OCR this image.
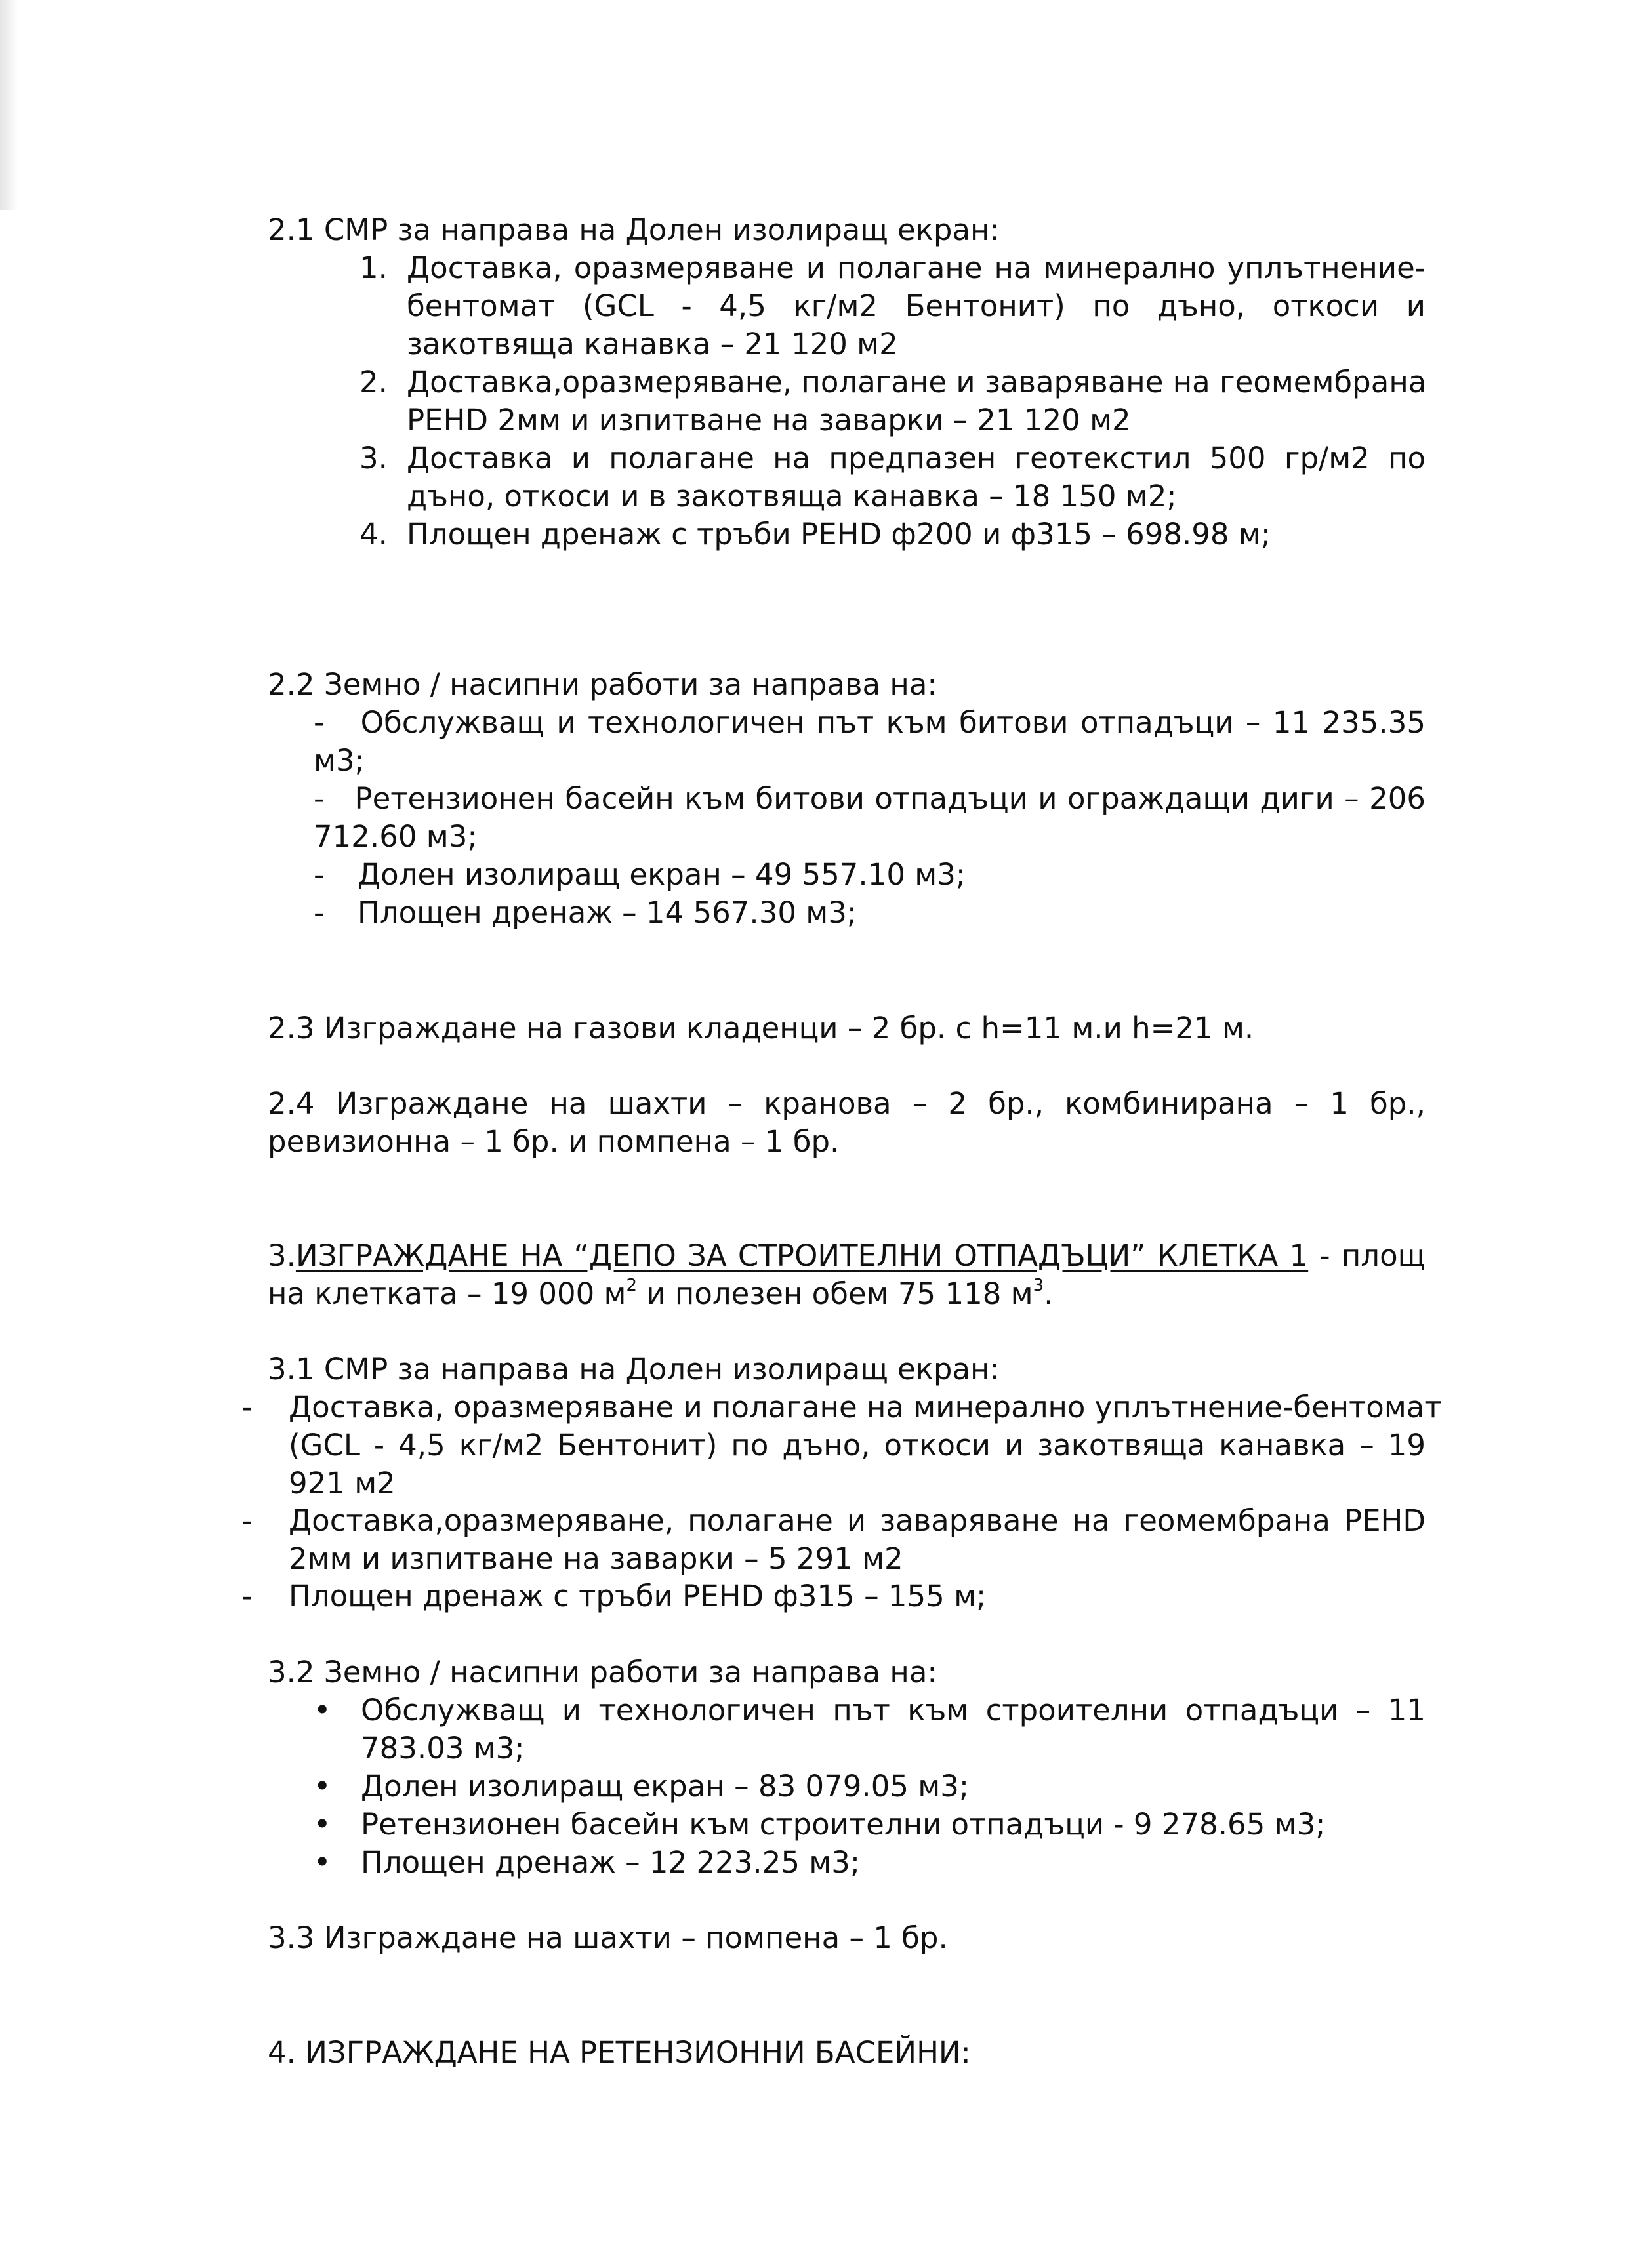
2.1 СМР за направа на Долен изолиращ екран:
1. Доставка, оразмеряване и полагане на минерално уплътнение-
бентомат (GCL - 4,5 кг/м2 Бентонит) по дъно, откоси и
закотвяща канавка – 21 120 м2
2. Доставка,оразмеряване, полагане и заваряване на геомембрана
PEHD 2мм и изпитване на заварки – 21 120 м2
3. Доставка и полагане на предпазен геотекстил 500 гр/м2 по
дъно, откоси и в закотвяща канавка – 18 150 м2;
4. Площен дренаж с тръби PEHD ф200 и ф315 – 698.98 м;
2.2 Земно / насипни работи за направа на:
- Обслужващ и технологичен път към битови отпадъци – 11 235.35
м3;
- Ретензионен басейн към битови отпадъци и ограждащи диги – 206
712.60 м3;
- Долен изолиращ екран – 49 557.10 м3;
- Площен дренаж – 14 567.30 м3;
2.3 Изграждане на газови кладенци – 2 бр. с h=11 м.и h=21 м.
2.4 Изграждане на шахти – кранова – 2 бр., комбинирана – 1 бр.,
ревизионна – 1 бр. и помпена – 1 бр.
3.ИЗГРАЖДАНЕ НА “ДЕПО ЗА СТРОИТЕЛНИ ОТПАДЪЦИ” КЛЕТКА 1 - площ
на клетката – 19 000 $м^2$ и полезен обем 75 118 $м^3$.
3.1 СМР за направа на Долен изолиращ екран:
- Доставка, оразмеряване и полагане на минерално уплътнение-бентомат
(GCL - 4,5 кг/м2 Бентонит) по дъно, откоси и закотвяща канавка – 19
921 м2
- Доставка,оразмеряване, полагане и заваряване на геомембрана PEHD
2мм и изпитване на заварки – 5 291 м2
- Площен дренаж с тръби PEHD ф315 – 155 м;
3.2 Земно / насипни работи за направа на:
• Обслужващ и технологичен път към строителни отпадъци – 11
783.03 м3;
• Долен изолиращ екран – 83 079.05 м3;
• Ретензионен басейн към строителни отпадъци - 9 278.65 м3;
• Площен дренаж – 12 223.25 м3;
3.3 Изграждане на шахти – помпена – 1 бр.
4. ИЗГРАЖДАНЕ НА РЕТЕНЗИОННИ БАСЕЙНИ:
